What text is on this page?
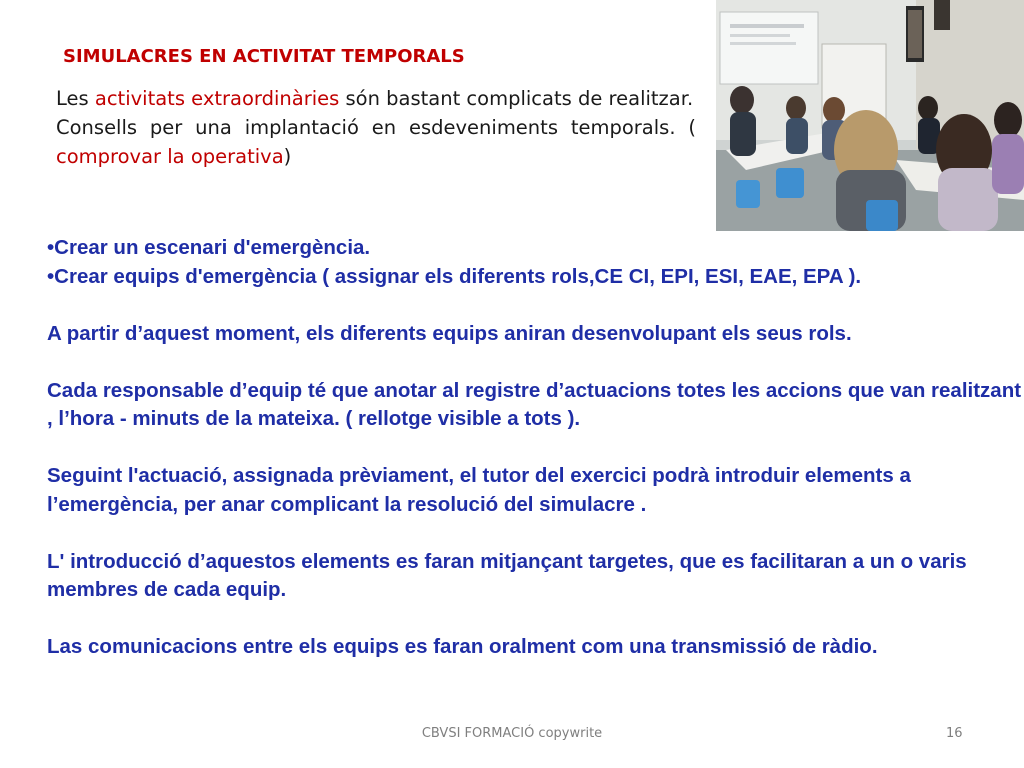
SIMULACRES EN ACTIVITAT TEMPORALS

Les activitats extraordinàries són bastant complicats de realitzar.

Consells per una implantació en esdeveniments temporals. ( comprovar la operativa)

•Crear un escenari d'emergència.

•Crear equips d'emergència ( assignar els diferents rols,CE CI, EPI, ESI, EAE, EPA ).

A partir d’aquest moment, els diferents equips aniran desenvolupant els seus rols.

Cada responsable d’equip té que anotar al registre d’actuacions totes les accions que van realitzant , l’hora - minuts de la mateixa. ( rellotge visible a tots ).

Seguint l'actuació, assignada prèviament, el tutor del exercici podrà introduir elements a l’emergència, per anar complicant la resolució del simulacre .

L' introducció d’aquestos elements es faran mitjançant targetes, que es facilitaran a un o varis membres de cada equip.

Las comunicacions entre els equips es faran oralment com una transmissió de ràdio.

CBVSI FORMACIÓ copywrite	16
